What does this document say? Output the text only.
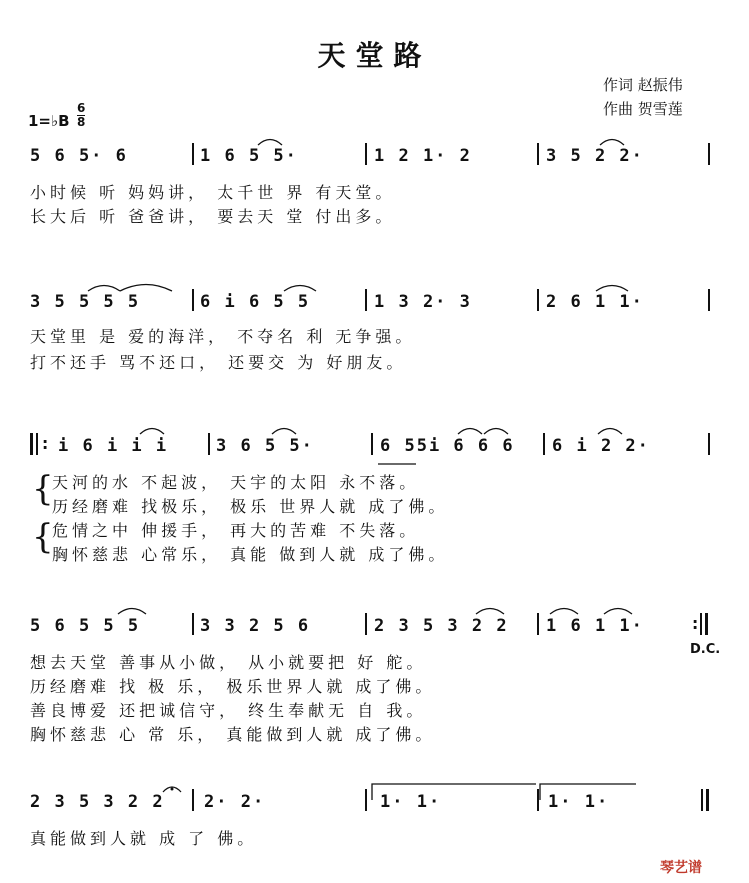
天堂路
作词 赵振伟
作曲 贺雪莲
1=♭B $\frac{6}{8}$
5 6 5· 6	1 6 5 5·	1 2 1· 2	3 5 2 2·
小时候 听 妈妈讲， 太千世 界 有天堂。
长大后 听 爸爸讲， 要去天 堂 付出多。
3 5 5 5 5	6 i 6 5 5	1 3 2· 3	2 6 1 1·
天堂里 是 爱的海洋， 不夺名 利 无争强。
打不还手 骂不还口， 还要交 为 好朋友。
i 6 i i i	3 6 5 5·	6 55i 6 6 6 6 i 2 2·
{
{
天河的水 不起波， 天宇的太阳 永不落。
历经磨难 找极乐， 极乐 世界人就 成了佛。
危情之中 伸援手， 再大的苦难 不失落。
胸怀慈悲 心常乐， 真能 做到人就 成了佛。
5 6 5 5 5	3 3 2 5 6	2 3 5 3 2 2 1 6 1 1·
D.C.
想去天堂 善事从小做， 从小就要把 好 舵。
历经磨难 找 极 乐， 极乐世界人就 成了佛。
善良博爱 还把诚信守， 终生奉献无 自 我。
胸怀慈悲 心 常 乐， 真能做到人就 成了佛。
2 3 5 3 2 2 2· 2·	1· 1·	1· 1·
真能做到人就 成 了 佛。
:
:
琴艺谱
